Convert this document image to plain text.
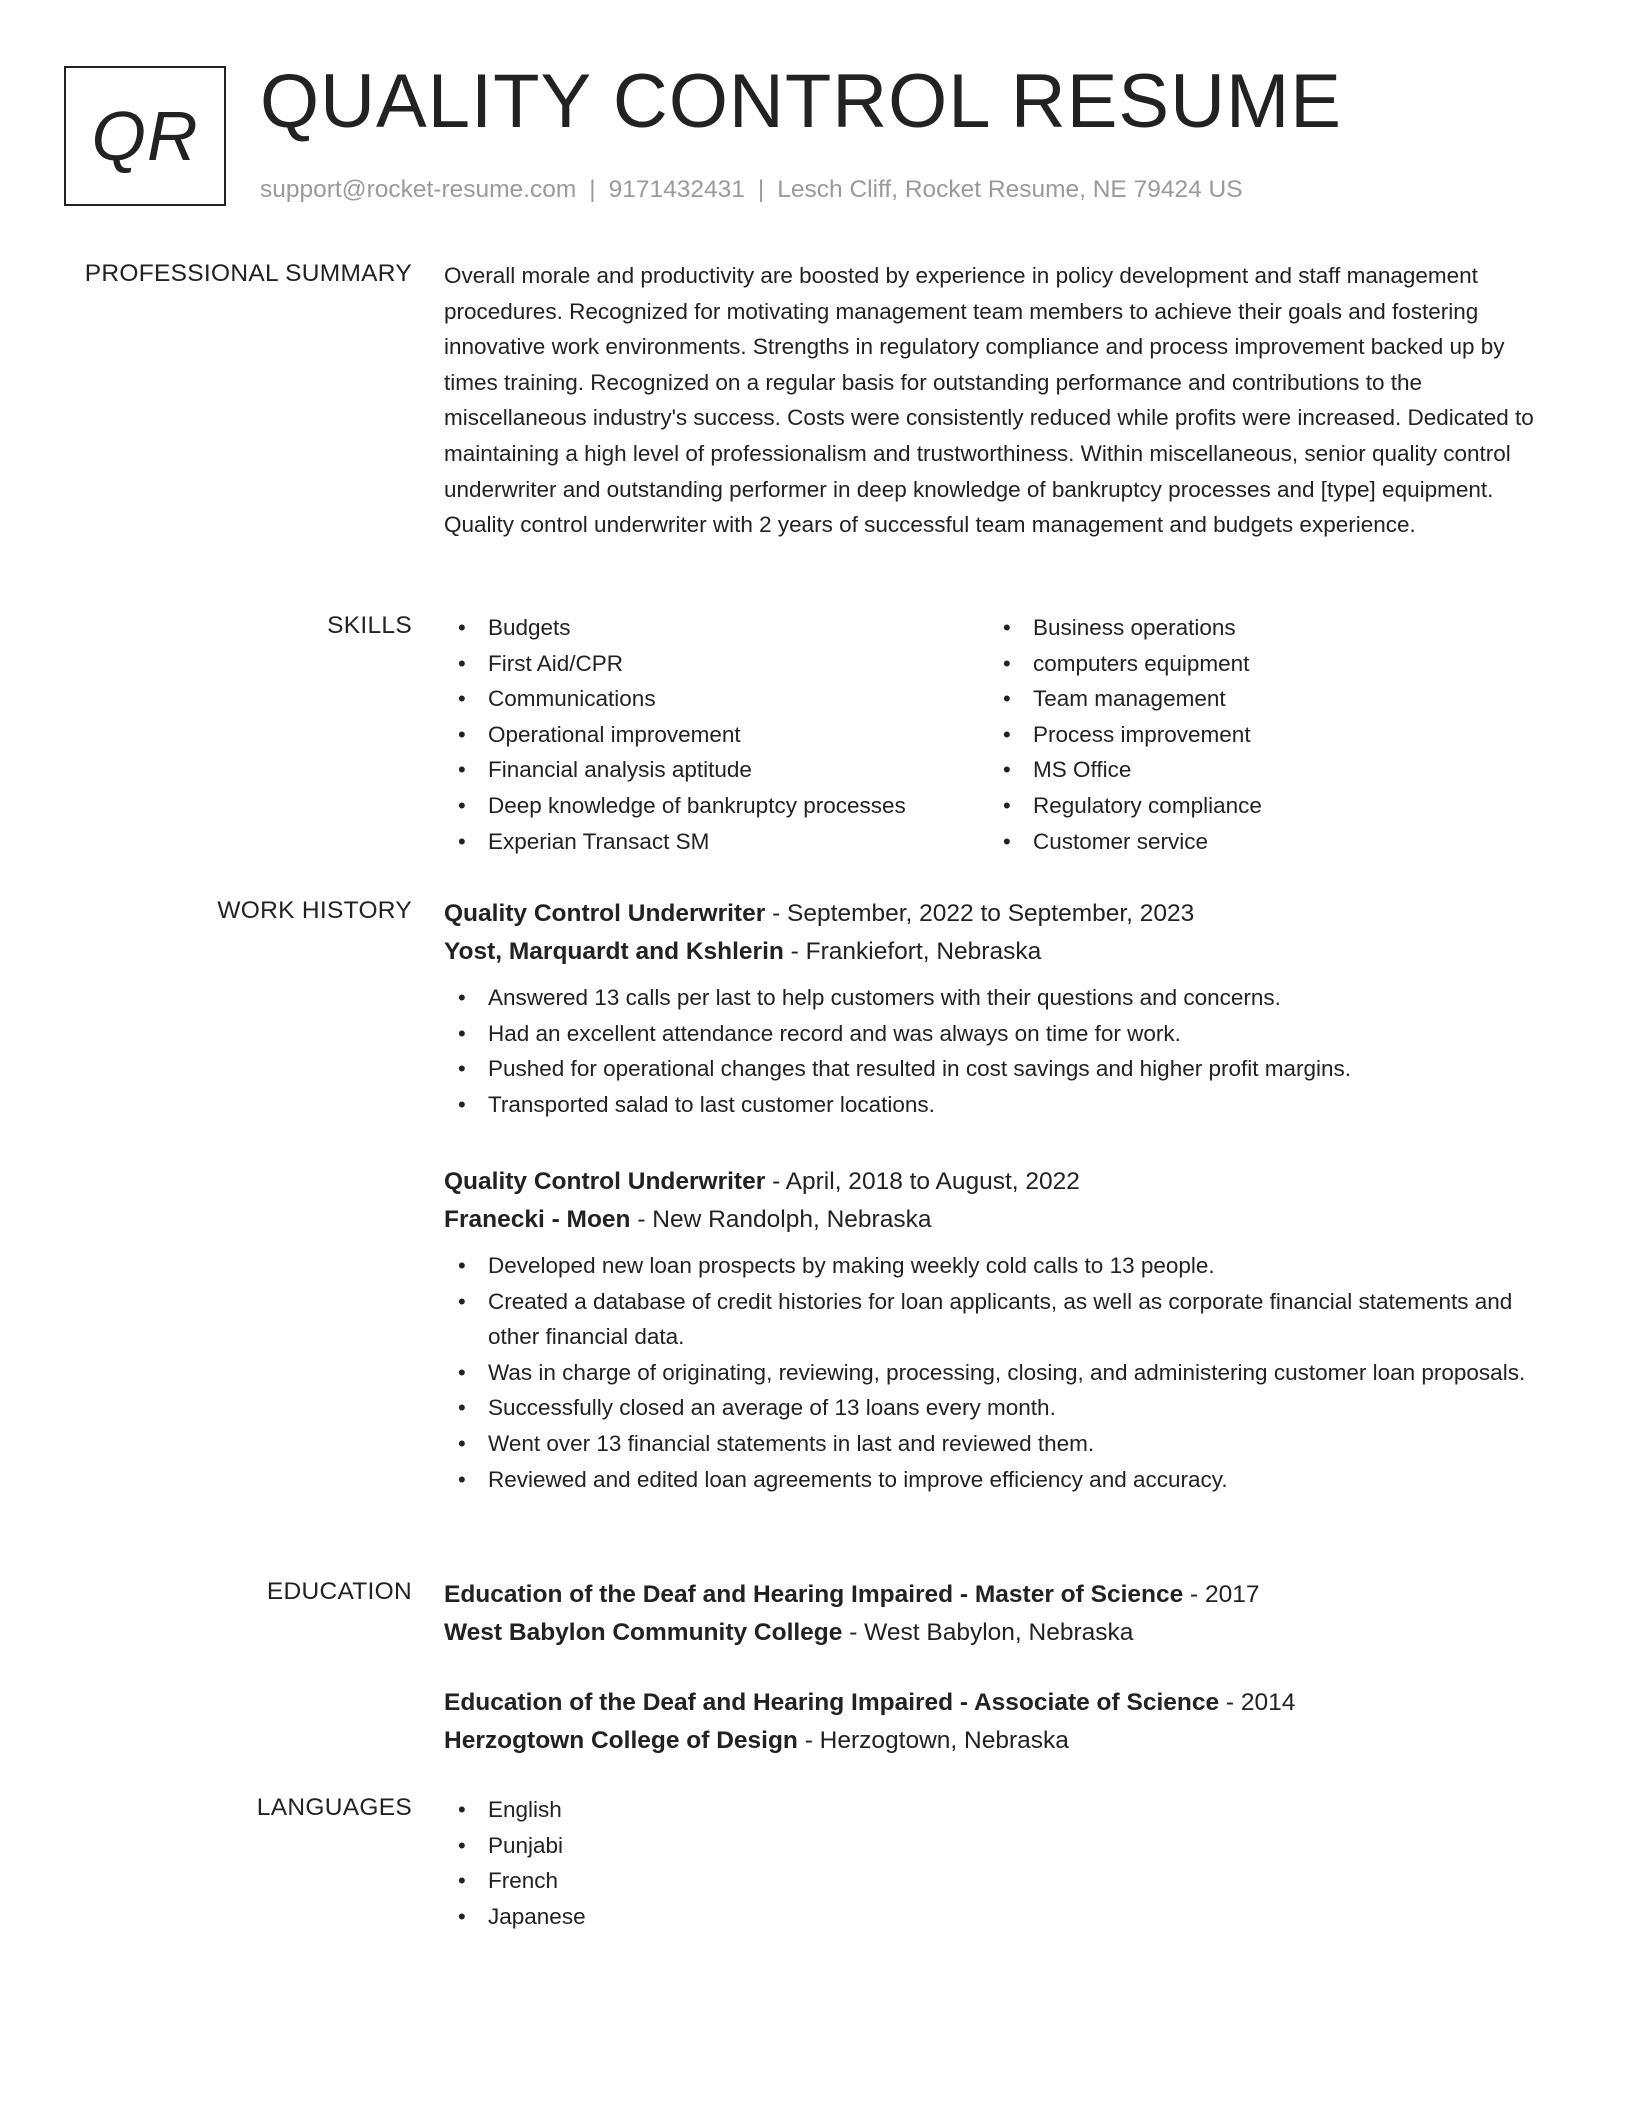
QR QUALITY CONTROL RESUME
support@rocket-resume.com | 9171432431 | Lesch Cliff, Rocket Resume, NE 79424 US
PROFESSIONAL SUMMARY Overall morale and productivity are boosted by experience in policy development and staff management procedures. Recognized for motivating management team members to achieve their goals and fostering innovative work environments. Strengths in regulatory compliance and process improvement backed up by times training. Recognized on a regular basis for outstanding performance and contributions to the miscellaneous industry's success. Costs were consistently reduced while profits were increased. Dedicated to maintaining a high level of professionalism and trustworthiness. Within miscellaneous, senior quality control underwriter and outstanding performer in deep knowledge of bankruptcy processes and [type] equipment. Quality control underwriter with 2 years of successful team management and budgets experience.

SKILLS	• Budgets
• First Aid/CPR
• Communications
• Operational improvement
• Financial analysis aptitude
• Deep knowledge of bankruptcy processes
• Experian Transact SM
• Business operations
• computers equipment
• Team management
• Process improvement
• MS Office
• Regulatory compliance
• Customer service
WORK HISTORY Quality Control Underwriter - September, 2022 to September, 2023
Yost, Marquardt and Kshlerin - Frankiefort, Nebraska
• Answered 13 calls per last to help customers with their questions and concerns.
• Had an excellent attendance record and was always on time for work.
• Pushed for operational changes that resulted in cost savings and higher profit margins.
• Transported salad to last customer locations.
Quality Control Underwriter - April, 2018 to August, 2022
Franecki - Moen - New Randolph, Nebraska
• Developed new loan prospects by making weekly cold calls to 13 people.
• Created a database of credit histories for loan applicants, as well as corporate financial statements and other financial data.
• Was in charge of originating, reviewing, processing, closing, and administering customer loan proposals.
• Successfully closed an average of 13 loans every month.
• Went over 13 financial statements in last and reviewed them.
• Reviewed and edited loan agreements to improve efficiency and accuracy.
EDUCATION Education of the Deaf and Hearing Impaired - Master of Science - 2017
West Babylon Community College - West Babylon, Nebraska
Education of the Deaf and Hearing Impaired - Associate of Science - 2014
Herzogtown College of Design - Herzogtown, Nebraska
LANGUAGES	• English
• Punjabi
• French
• Japanese
